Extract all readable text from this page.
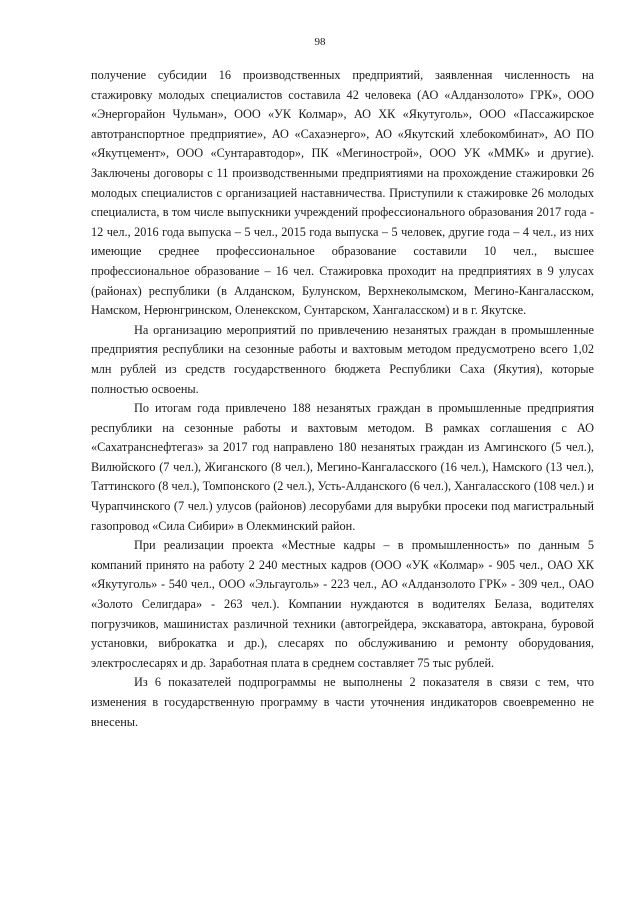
98

получение субсидии 16 производственных предприятий, заявленная численность на стажировку молодых специалистов составила 42 человека (АО «Алданзолото» ГРК», ООО «Энергорайон Чульман», ООО «УК Колмар», АО ХК «Якутуголь», ООО «Пассажирское автотранспортное предприятие», АО «Сахаэнерго», АО «Якутский хлебокомбинат», АО ПО «Якутцемент», ООО «Сунтаравтодор», ПК «Мегинострой», ООО УК «ММК» и другие). Заключены договоры с 11 производственными предприятиями на прохождение стажировки 26 молодых специалистов с организацией наставничества. Приступили к стажировке 26 молодых специалиста, в том числе выпускники учреждений профессионального образования 2017 года - 12 чел., 2016 года выпуска – 5 чел., 2015 года выпуска – 5 человек, другие года – 4 чел., из них имеющие среднее профессиональное образование составили 10 чел., высшее профессиональное образование – 16 чел. Стажировка проходит на предприятиях в 9 улусах (районах) республики (в Алданском, Булунском, Верхнеколымском, Мегино-Кангаласском, Намском, Нерюнгринском, Оленекском, Сунтарском, Хангаласском) и в г. Якутске.

На организацию мероприятий по привлечению незанятых граждан в промышленные предприятия республики на сезонные работы и вахтовым методом предусмотрено всего 1,02 млн рублей из средств государственного бюджета Республики Саха (Якутия), которые полностью освоены.

По итогам года привлечено 188 незанятых граждан в промышленные предприятия республики на сезонные работы и вахтовым методом. В рамках соглашения с АО «Сахатранснефтегаз» за 2017 год направлено 180 незанятых граждан из Амгинского (5 чел.), Вилюйского (7 чел.), Жиганского (8 чел.), Мегино-Кангаласского (16 чел.), Намского (13 чел.), Таттинского (8 чел.), Томпонского (2 чел.), Усть-Алданского (6 чел.), Хангаласского (108 чел.) и Чурапчинского (7 чел.) улусов (районов) лесорубами для вырубки просеки под магистральный газопровод «Сила Сибири» в Олекминский район.

При реализации проекта «Местные кадры – в промышленность» по данным 5 компаний принято на работу 2 240 местных кадров (ООО «УК «Колмар» - 905 чел., ОАО ХК «Якутуголь» - 540 чел., ООО «Эльгауголь» - 223 чел., АО «Алданзолото ГРК» - 309 чел., ОАО «Золото Селигдара» - 263 чел.). Компании нуждаются в водителях Белаза, водителях погрузчиков, машинистах различной техники (автогрейдера, экскаватора, автокрана, буровой установки, виброкатка и др.), слесарях по обслуживанию и ремонту оборудования, электрослесарях и др. Заработная плата в среднем составляет 75 тыс рублей.

Из 6 показателей подпрограммы не выполнены 2 показателя в связи с тем, что изменения в государственную программу в части уточнения индикаторов своевременно не внесены.
